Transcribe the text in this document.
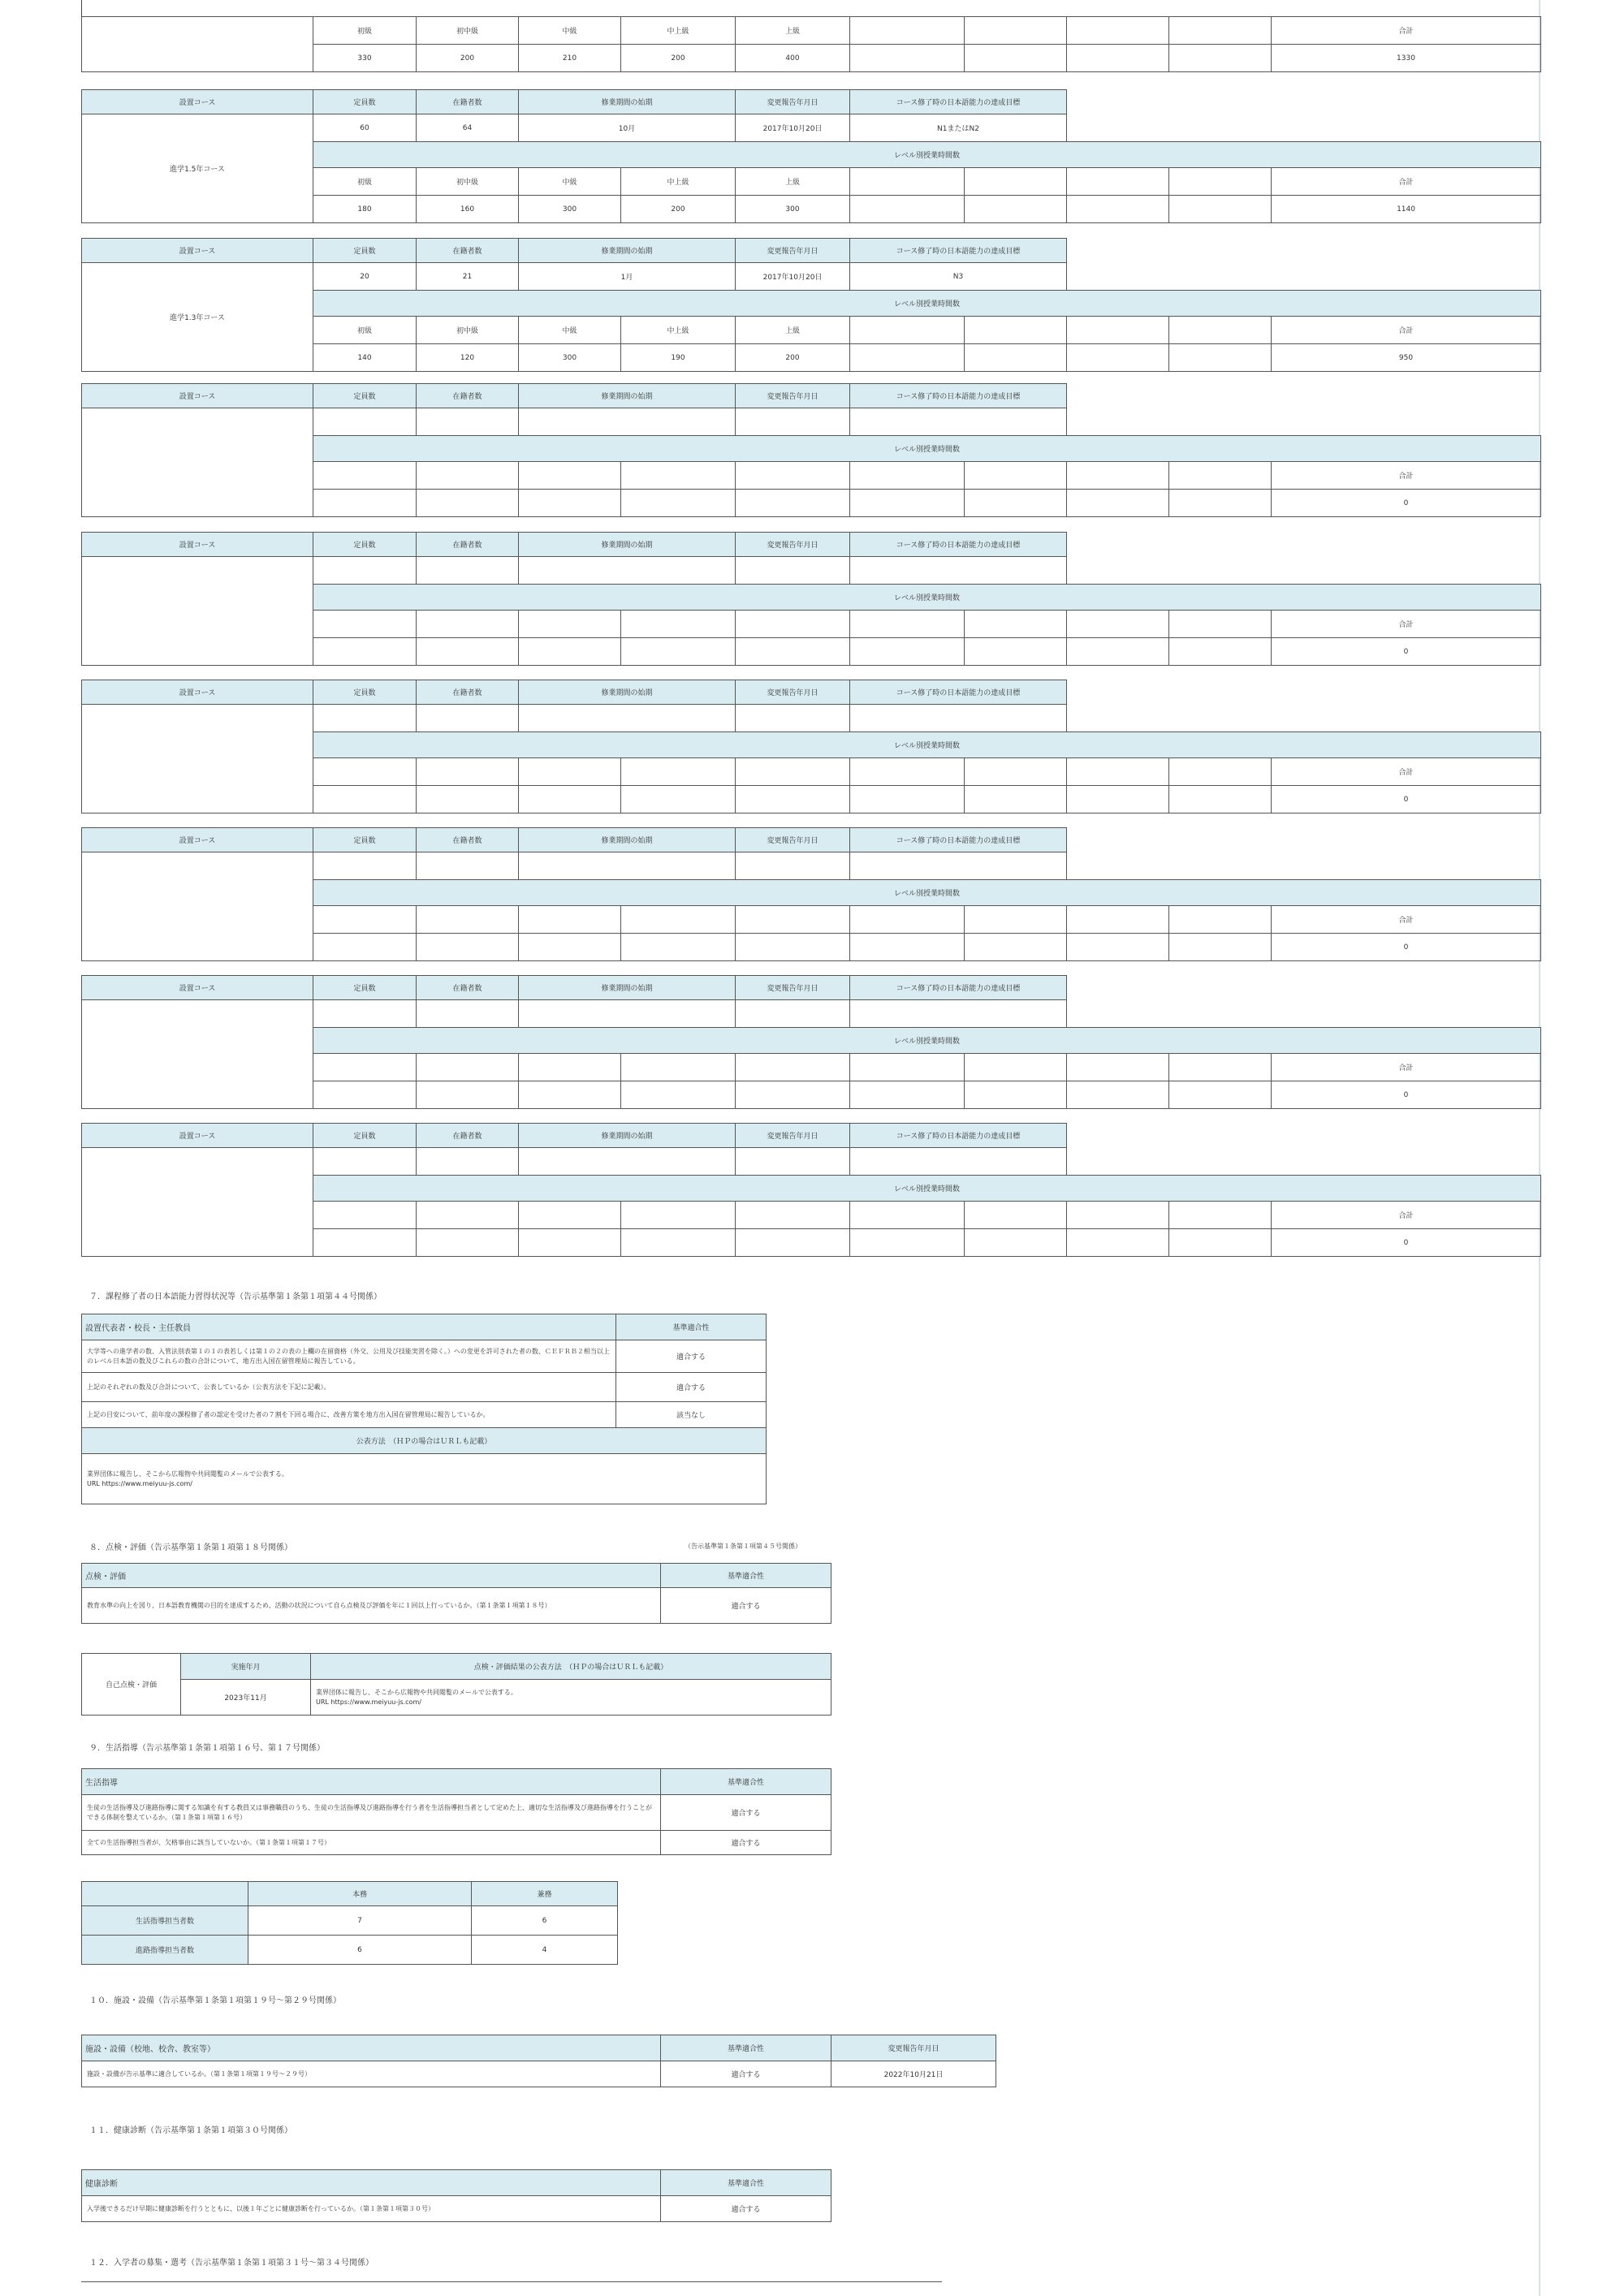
	初級	初中級	中級	中上級	上級					合計
	330	200	210	200	400					1330
設置コース	定員数	在籍者数	修業期間の始期		変更報告年月日	コース修了時の日本語能力の達成目標				
進学1.5年コース	60	64	10月		2017年10月20日	N1またはN2				
	レベル別授業時間数									
	初級	初中級	中級	中上級	上級					合計
	180	160	300	200	300					1140
設置コース	定員数	在籍者数	修業期間の始期		変更報告年月日	コース修了時の日本語能力の達成目標				
進学1.3年コース	20	21	1月		2017年10月20日	N3				
	レベル別授業時間数									
	初級	初中級	中級	中上級	上級					合計
	140	120	300	190	200					950
設置コース	定員数	在籍者数	修業期間の始期		変更報告年月日	コース修了時の日本語能力の達成目標				

	レベル別授業時間数									
										合計
										0
設置コース	定員数	在籍者数	修業期間の始期		変更報告年月日	コース修了時の日本語能力の達成目標				

	レベル別授業時間数									
										合計
										0
設置コース	定員数	在籍者数	修業期間の始期		変更報告年月日	コース修了時の日本語能力の達成目標				

	レベル別授業時間数									
										合計
										0
設置コース	定員数	在籍者数	修業期間の始期		変更報告年月日	コース修了時の日本語能力の達成目標				

	レベル別授業時間数									
										合計
										0
設置コース	定員数	在籍者数	修業期間の始期		変更報告年月日	コース修了時の日本語能力の達成目標				

	レベル別授業時間数									
										合計
										0
設置コース	定員数	在籍者数	修業期間の始期		変更報告年月日	コース修了時の日本語能力の達成目標				

	レベル別授業時間数									
										合計
										0
７．課程修了者の日本語能力習得状況等（告示基準第１条第１項第４４号関係）
設置代表者・校長・主任教員	基準適合性
大学等への進学者の数、入管法別表第１の１の表若しくは第１の２の表の上欄の在留資格（外交、公用及び技能実習を除く。）への変更を許可された者の数、ＣＥＦＲＢ２相当以上のレベル日本語の数及びこれらの数の合計について、地方出入国在留管理局に報告している。	適合する
上記のそれぞれの数及び合計について、公表しているか（公表方法を下記に記載）。	適合する
上記の目安について、前年度の課程修了者の認定を受けた者の７割を下回る場合に、改善方策を地方出入国在留管理局に報告しているか。	該当なし
公表方法　（ＨＰの場合はＵＲＬも記載）	

業界団体に報告し、そこから広報物や共同閲覧のメールで公表する。
URL https://www.meiyuu-js.com/	
８．点検・評価（告示基準第１条第１項第１８号関係）	（告示基準第１条第１項第４５号関係）
点検・評価	基準適合性
教育水準の向上を図り、日本語教育機関の目的を達成するため、活動の状況について自ら点検及び評価を年に１回以上行っているか。（第１条第１項第１８号）	適合する
自己点検・評価	実施年月	点検・評価結果の公表方法　（ＨＰの場合はＵＲＬも記載）
	2023年11月	業界団体に報告し、そこから広報物や共同閲覧のメールで公表する。
URL https://www.meiyuu-js.com/
９．生活指導（告示基準第１条第１項第１６号、第１７号関係）
生活指導	基準適合性
生徒の生活指導及び進路指導に関する知識を有する教員又は事務職員のうち、生徒の生活指導及び進路指導を行う者を生活指導担当者として定めた上、適切な生活指導及び進路指導を行うことができる体制を整えているか。（第１条第１項第１６号）	適合する
全ての生活指導担当者が、欠格事由に該当していないか。（第１条第１項第１７号）	適合する
	本務	兼務
生活指導担当者数	7	6
進路指導担当者数	6	4
１０．施設・設備（告示基準第１条第１項第１９号～第２９号関係）
施設・設備（校地、校舎、教室等）	基準適合性	変更報告年月日
施設・設備が告示基準に適合しているか。（第１条第１項第１９号～２９号）	適合する	2022年10月21日
１１．健康診断（告示基準第１条第１項第３０号関係）
健康診断	基準適合性
入学後できるだけ早期に健康診断を行うとともに、以後１年ごとに健康診断を行っているか。（第１条第１項第３０号）	適合する
１２．入学者の募集・選考（告示基準第１条第１項第３１号～第３４号関係）
